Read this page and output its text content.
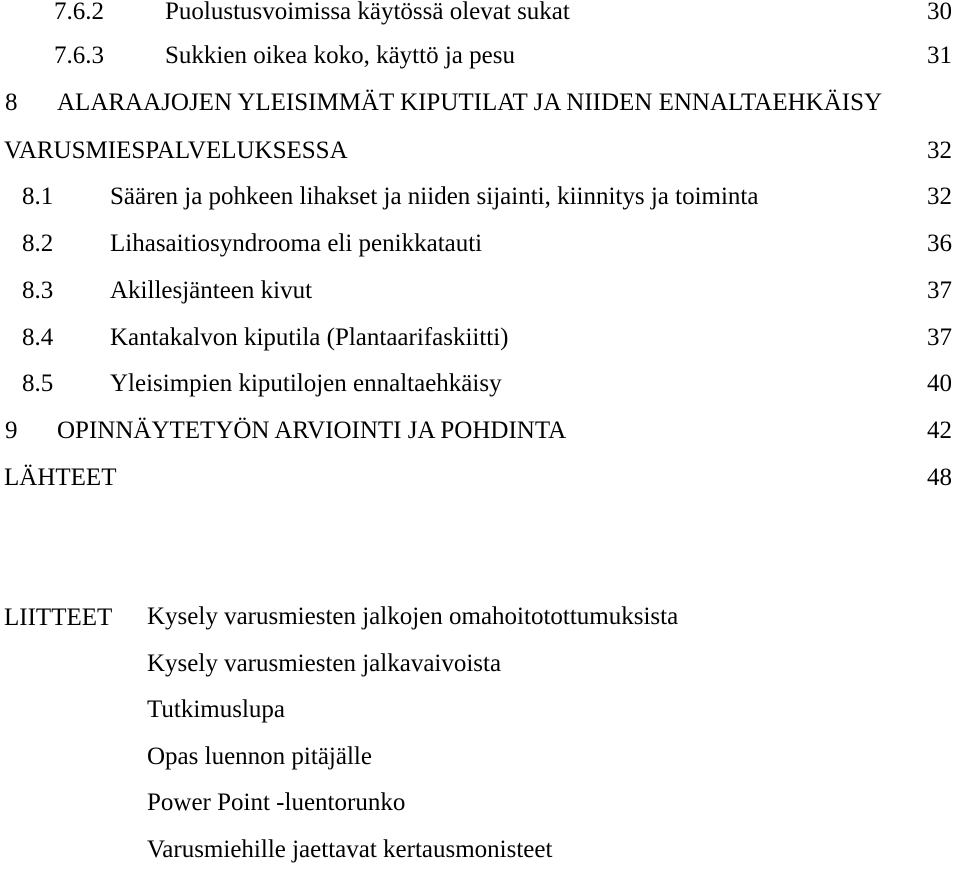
7.6.2 Puolustusvoimissa käytössä olevat sukat	30
7.6.3 Sukkien oikea koko, käyttö ja pesu	31
8 ALARAAJOJEN YLEISIMMÄT KIPUTILAT JA NIIDEN ENNALTAEHKÄISY
VARUSMIESPALVELUKSESSA	32
8.1 Säären ja pohkeen lihakset ja niiden sijainti, kiinnitys ja toiminta	32
8.2 Lihasaitiosyndrooma eli penikkatauti	36
8.3 Akillesjänteen kivut	37
8.4 Kantakalvon kiputila (Plantaarifaskiitti)	37
8.5 Yleisimpien kiputilojen ennaltaehkäisy	40
9 OPINNÄYTETYÖN ARVIOINTI JA POHDINTA	42
LÄHTEET	48
LIITTEET Kysely varusmiesten jalkojen omahoitotottumuksista
Kysely varusmiesten jalkavaivoista
Tutkimuslupa
Opas luennon pitäjälle
Power Point -luentorunko
Varusmiehille jaettavat kertausmonisteet
